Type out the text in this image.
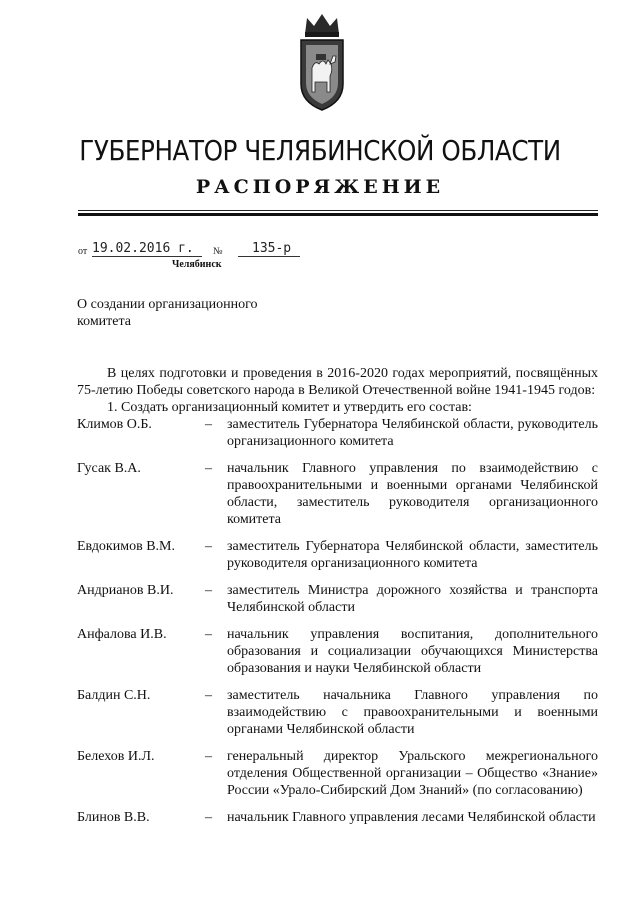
ГУБЕРНАТОР ЧЕЛЯБИНСКОЙ ОБЛАСТИ
РАСПОРЯЖЕНИЕ
от 19.02.2016 г.	№	135-р
Челябинск
О создании организационного комитета
В целях подготовки и проведения в 2016-2020 годах мероприятий, посвящённых 75-летию Победы советского народа в Великой Отечественной войне 1941-1945 годов:
1. Создать организационный комитет и утвердить его состав:
Климов О.Б.	– заместитель Губернатора Челябинской области, руководитель организационного комитета
Гусак В.А.	– начальник Главного управления по взаимодействию с правоохранительными и военными органами Челябинской области, заместитель руководителя организационного комитета
Евдокимов В.М.	– заместитель Губернатора Челябинской области, заместитель руководителя организационного комитета
Андрианов В.И.	– заместитель Министра дорожного хозяйства и транспорта Челябинской области
Анфалова И.В.	– начальник управления воспитания, дополнительного образования и социализации обучающихся Министерства образования и науки Челябинской области
Балдин С.Н.	– заместитель начальника Главного управления по взаимодействию с правоохранительными и военными органами Челябинской области
Белехов И.Л.	– генеральный директор Уральского межрегионального отделения Общественной организации – Общество «Знание» России «Урало-Сибирский Дом Знаний» (по согласованию)
Блинов В.В.	– начальник Главного управления лесами Челябинской области
